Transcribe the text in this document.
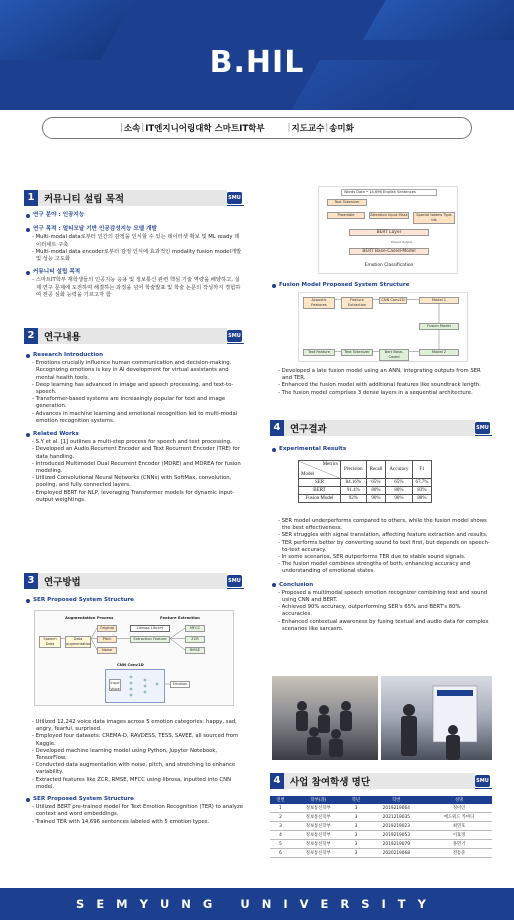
B.HIL
| 소속 | IT엔지니어링대학 스마트IT학부	| 지도교수 | 송미화
1	커뮤니티 설립 목적	SMU
연구 분야 : 인공지능
연구 목적 : 멀티모달 기반 인공감성지능 모델 개발
- Multi-modal data로부터 인간의 감정을 인식할 수 있는 데이터셋 확보 및 ML ready 데이터세트 구축
- Multi-modal data encoder로부터 감정 인식에 효과적인 modality fusion model개발 및 성능 고도화
커뮤니티 설립 목적
- 스마트IT학부 재학생들의 인공지능 응용 및 정보통신 관련 핵심 기술 역량을 배양하고, 실제 연구 문제에 도전하며 해결하는 과정을 넘어 학술발표 및 학술 논문의 작성까지 경험하여 전공 심화 능력을 기르고자 함
2	연구내용	SMU
Research Introduction
- Emotions crucially influence human communication and decision-making. Recognizing emotions is key in AI development for virtual assistants and mental health tools.
- Deep learning has advanced in image and speech processing, and text-to-speech.
- Transformer-based systems are increasingly popular for text and image generation.
- Advances in machine learning and emotional recognition led to multi-modal emotion recognition systems.
Related Works
- S.Y et al. [1] outlines a multi-step process for speech and text processing.
- Developed an Audio Recurrent Encoder and Text Recurrent Encoder (TRE) for data handling.
- Introduced Multimodel Dual Recurrent Encoder (MDRE) and MDREA for fusion modeling.
- Utilized Convolutional Neural Networks (CNNs) with SoftMax, convolution, pooling, and fully connected layers.
- Employed BERT for NLP, leveraging Transformer models for dynamic input-output weightings.
3	연구방법	SMU
SER Proposed System Structure
Augmentation Process	Feature Extraction
Speech Data
Data augmentation
Original
Pitch
Noise
Librosa Library
Extraction Feature
MFCC
ZCR
RMSE
CNN Conv1D
Input Voice
Emotion
- Utilized 12,242 voice data images across 5 emotion categories: happy, sad, angry, fearful, surprised.
- Employed four datasets: CREMA-D, RAVDESS, TESS, SAVEE, all sourced from Kaggle.
- Developed machine learning model using Python, Jupyter Notebook, TensorFlow.
- Conducted data augmentation with noise, pitch, and stretching to enhance variability.
- Extracted features like ZCR, RMSE, MFCC using librosa, inputted into CNN model.
SER Proposed System Structure
- Utilized BERT pre-trained model for Text Emotion Recognition (TER) to analyze context and word embeddings.
- Trained TER with 14,696 sentences labeled with 5 emotion types.
Words Data • 14,696 English Sentences
Text Tokenizer
Preamble	Attention Input Mask	Special tokens Type Ids
BERT Layer
Pooled Output
BERT Base-Cased-Model
Emotion Classification
Fusion Model Proposed System Structure
Acoustic Features
Feature Extraction
CNN Conv1D	Model 1
Fusion Model
Text Feature	Text Tokenizer	Bert Base-Cased
Model 2
- Developed a late fusion model using an ANN, integrating outputs from SER and TER.
- Enhanced the fusion model with additional features like soundtrack length.
- The fusion model comprises 3 dense layers in a sequential architecture.
4	연구결과	SMU
Experimental Results
Metrics
Model	Precision	Recall	Accuracy	F1
SER	84.16%	65%	65%	67.7%
BERT	91.4%	80%	80%	83%
Fusion Model	92%	90%	90%	88%
- SER model underperforms compared to others, while the fusion model shows the best effectiveness.
- SER struggles with signal translation, affecting feature extraction and results.
- TER performs better by converting sound to text first, but depends on speech-to-text accuracy.
- In some scenarios, SER outperforms TER due to stable sound signals.
- The fusion model combines strengths of both, enhancing accuracy and understanding of emotional states.
Conclusion
- Proposed a multimodal speech emotion recognizer combining text and sound using CNN and BERT.
- Achieved 90% accuracy, outperforming SER's 65% and BERT's 80% accuracies.
- Enhanced contextual awareness by fusing textual and audio data for complex scenarios like sarcasm.
4	사업 참여학생 명단	SMU
연번	학부(과)	학년	학번	성명
1	정보통신학부	3	2019219064	정이인
2	정보통신학부	3	2021219035	에드워드 카마디
3	정보통신학부	3	2019219023	최민호
4	정보통신학부	3	2019219053	이효정
5	정보통신학부	3	2019219079	홍민기
6	정보통신학부	3	2020219068	전동준
SEMYUNG UNIVERSITY
